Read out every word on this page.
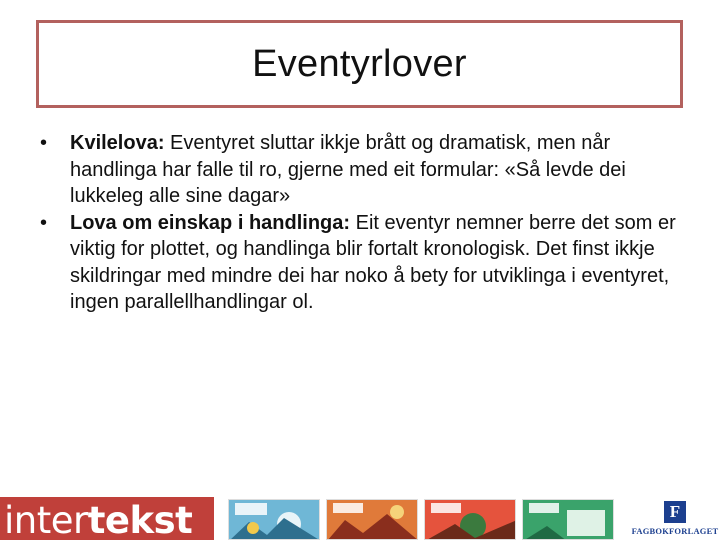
Eventyrlover
• Kvilelova: Eventyret sluttar ikkje brått og dramatisk, men når handlinga har falle til ro, gjerne med eit formular: «Så levde dei lukkeleg alle sine dagar»
• Lova om einskap i handlinga: Eit eventyr nemner berre det som er viktig for plottet, og handlinga blir fortalt kronologisk. Det finst ikkje skildringar med mindre dei har noko å bety for utviklinga i eventyret, ingen parallellhandlingar ol.
intertekst	F
FAGBOKFORLAGET
